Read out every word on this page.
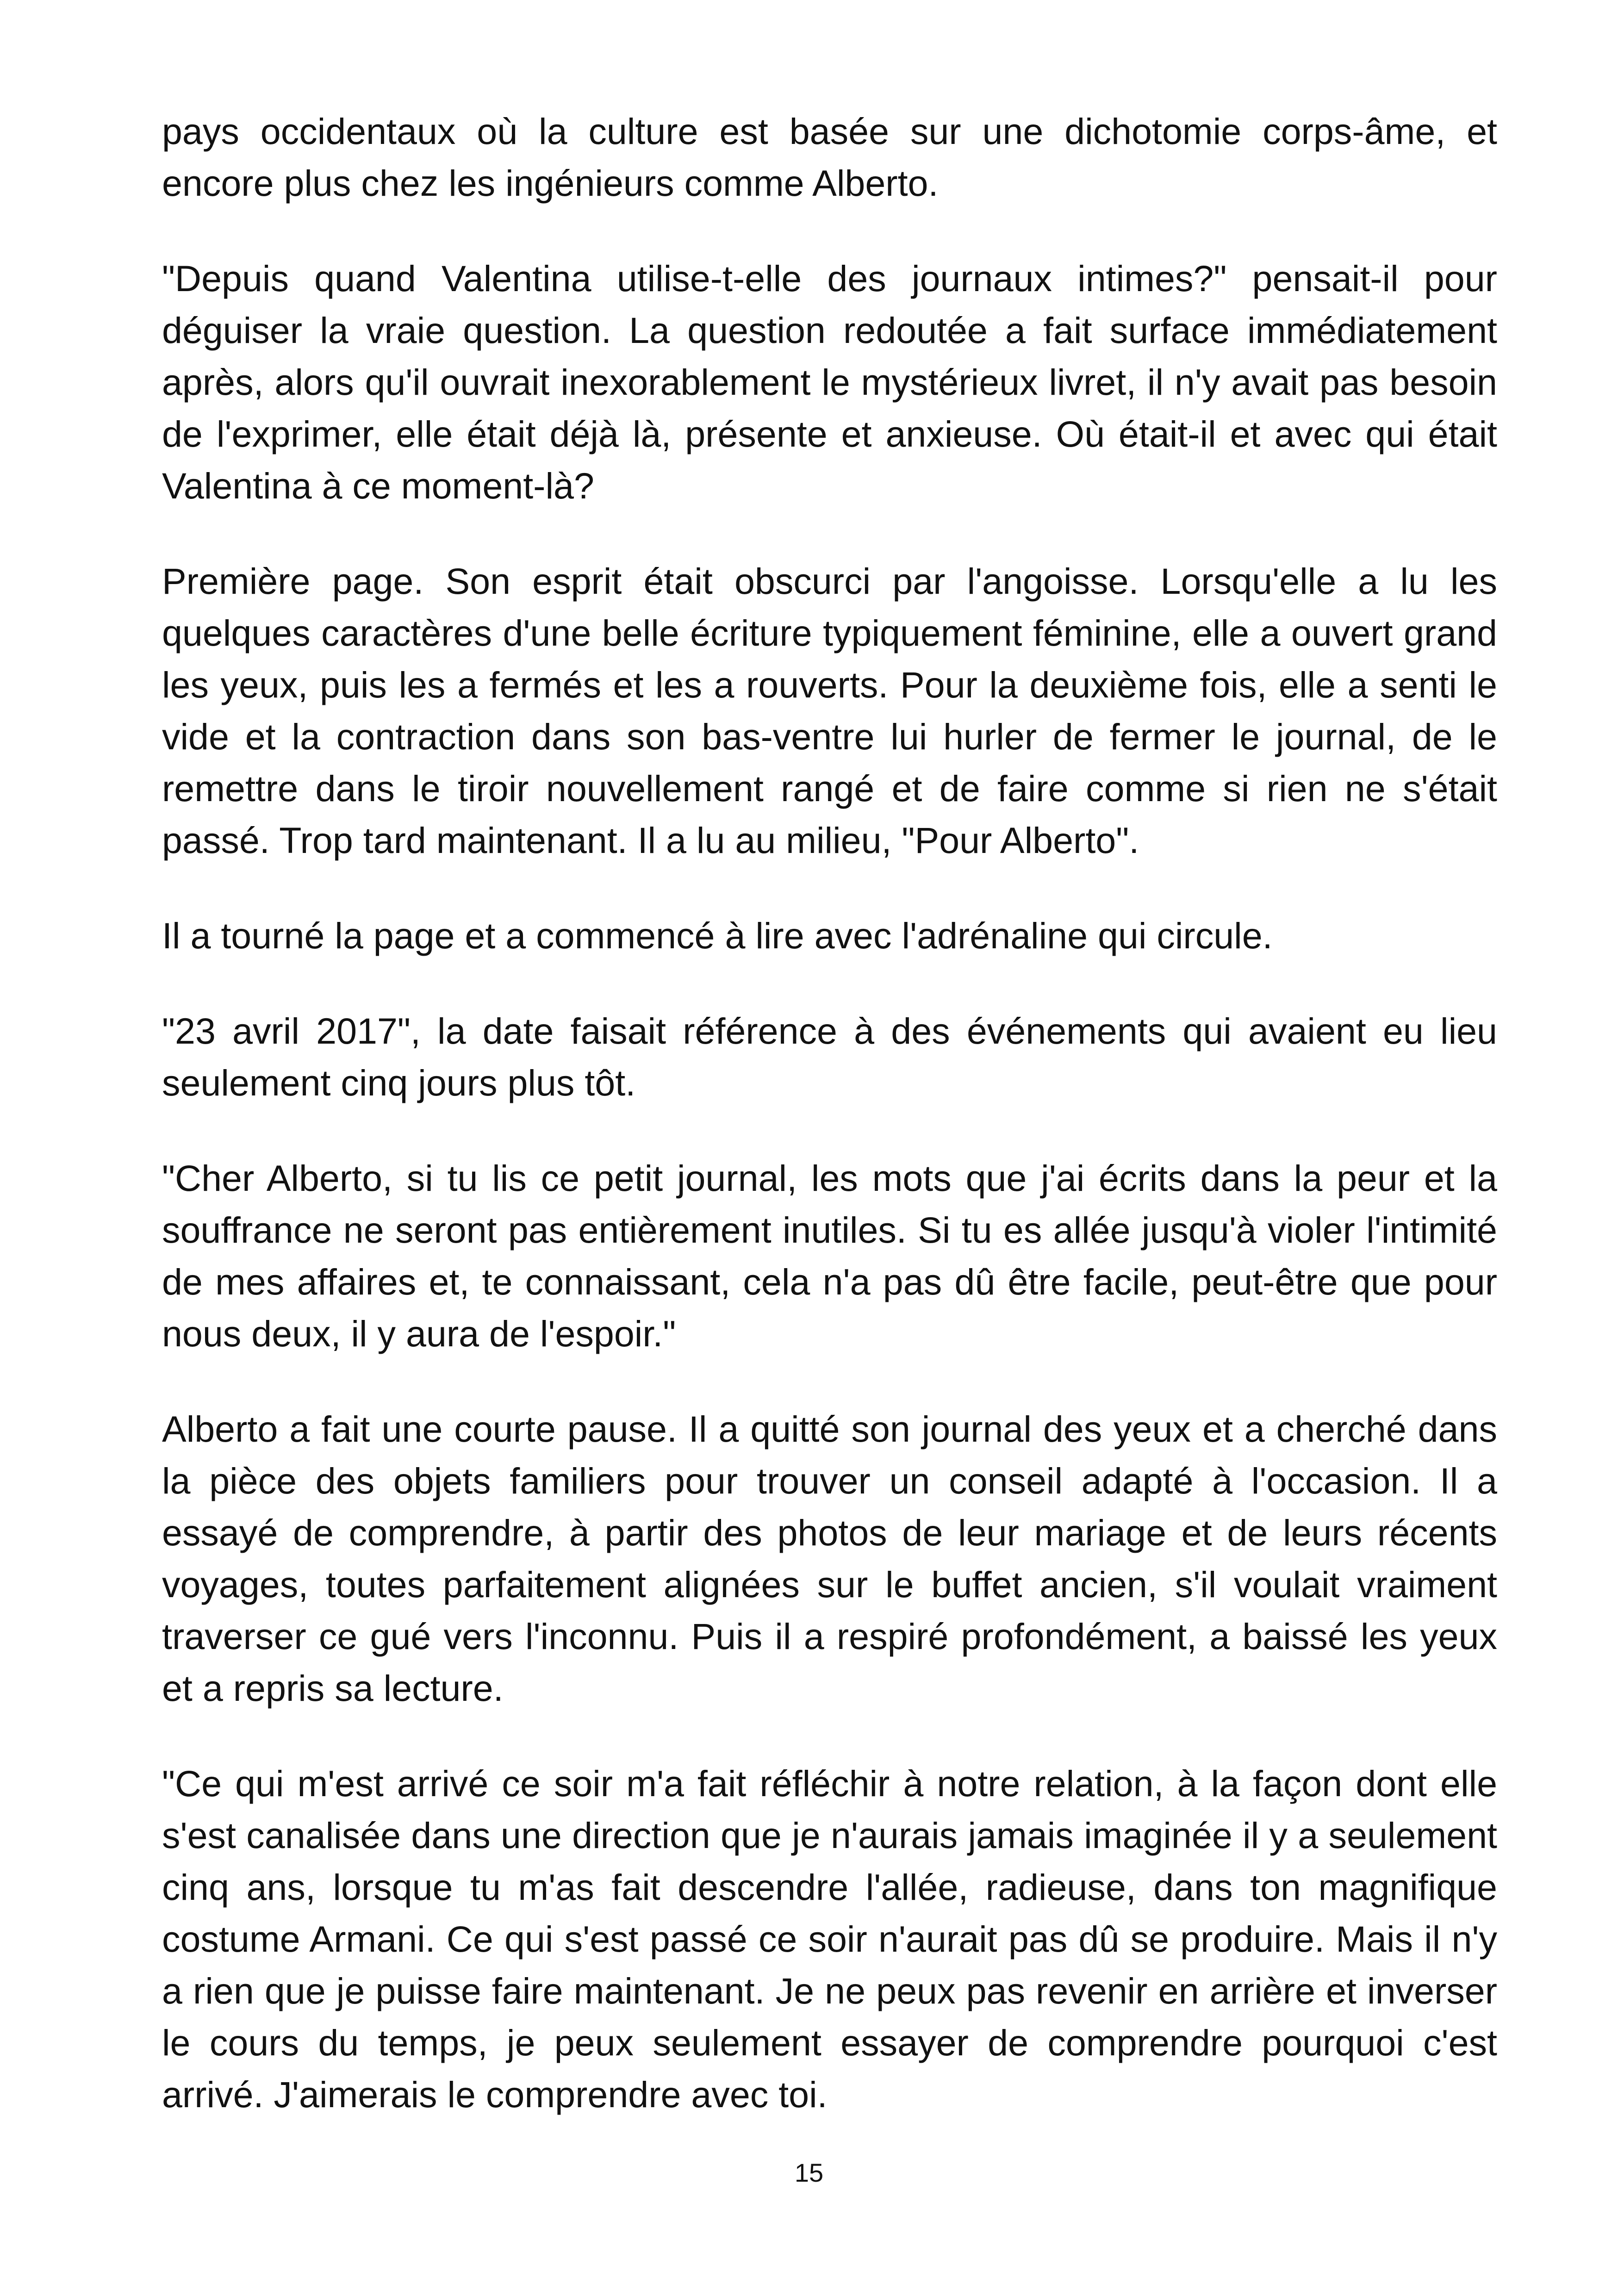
pays occidentaux où la culture est basée sur une dichotomie corps-âme, et encore plus chez les ingénieurs comme Alberto.

"Depuis quand Valentina utilise-t-elle des journaux intimes?" pensait-il pour déguiser la vraie question. La question redoutée a fait surface immédiatement après, alors qu'il ouvrait inexorablement le mystérieux livret, il n'y avait pas besoin de l'exprimer, elle était déjà là, présente et anxieuse. Où était-il et avec qui était Valentina à ce moment-là?

Première page. Son esprit était obscurci par l'angoisse. Lorsqu'elle a lu les quelques caractères d'une belle écriture typiquement féminine, elle a ouvert grand les yeux, puis les a fermés et les a rouverts. Pour la deuxième fois, elle a senti le vide et la contraction dans son bas-ventre lui hurler de fermer le journal, de le remettre dans le tiroir nouvellement rangé et de faire comme si rien ne s'était passé. Trop tard maintenant. Il a lu au milieu, "Pour Alberto".

Il a tourné la page et a commencé à lire avec l'adrénaline qui circule.

"23 avril 2017", la date faisait référence à des événements qui avaient eu lieu seulement cinq jours plus tôt.

"Cher Alberto, si tu lis ce petit journal, les mots que j'ai écrits dans la peur et la souffrance ne seront pas entièrement inutiles. Si tu es allée jusqu'à violer l'intimité de mes affaires et, te connaissant, cela n'a pas dû être facile, peut-être que pour nous deux, il y aura de l'espoir."

Alberto a fait une courte pause. Il a quitté son journal des yeux et a cherché dans la pièce des objets familiers pour trouver un conseil adapté à l'occasion. Il a essayé de comprendre, à partir des photos de leur mariage et de leurs récents voyages, toutes parfaitement alignées sur le buffet ancien, s'il voulait vraiment traverser ce gué vers l'inconnu. Puis il a respiré profondément, a baissé les yeux et a repris sa lecture.

"Ce qui m'est arrivé ce soir m'a fait réfléchir à notre relation, à la façon dont elle s'est canalisée dans une direction que je n'aurais jamais imaginée il y a seulement cinq ans, lorsque tu m'as fait descendre l'allée, radieuse, dans ton magnifique costume Armani. Ce qui s'est passé ce soir n'aurait pas dû se produire. Mais il n'y a rien que je puisse faire maintenant. Je ne peux pas revenir en arrière et inverser le cours du temps, je peux seulement essayer de comprendre pourquoi c'est arrivé. J'aimerais le comprendre avec toi.

15
